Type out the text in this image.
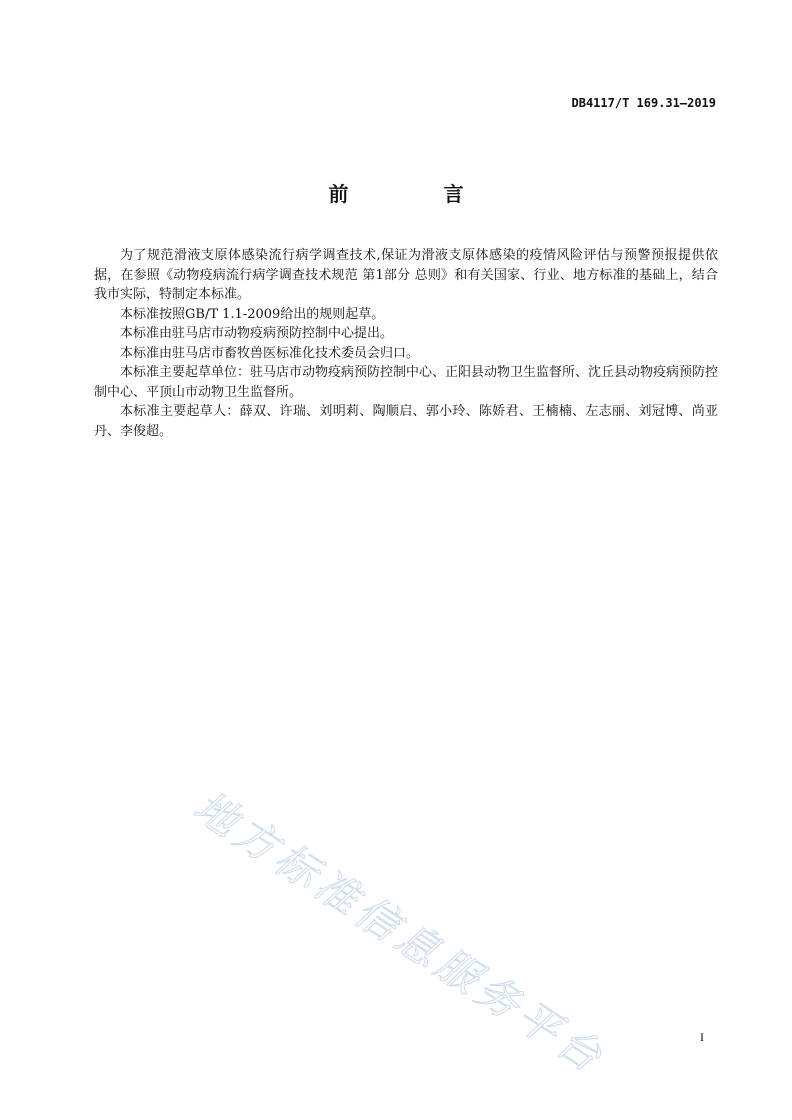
DB4117/T 169.31—2019
前 言

为了规范滑液支原体感染流行病学调查技术,保证为滑液支原体感染的疫情风险评估与预警预报提供依据，在参照《动物疫病流行病学调查技术规范 第1部分 总则》和有关国家、行业、地方标准的基础上，结合我市实际，特制定本标准。

本标准按照GB/T 1.1-2009给出的规则起草。

本标准由驻马店市动物疫病预防控制中心提出。

本标准由驻马店市畜牧兽医标准化技术委员会归口。

本标准主要起草单位：驻马店市动物疫病预防控制中心、正阳县动物卫生监督所、沈丘县动物疫病预防控制中心、平顶山市动物卫生监督所。

本标准主要起草人：薛双、许瑞、刘明莉、陶顺启、郭小玲、陈娇君、王楠楠、左志丽、刘冠博、尚亚丹、李俊超。

地方标准信息服务平台	I
